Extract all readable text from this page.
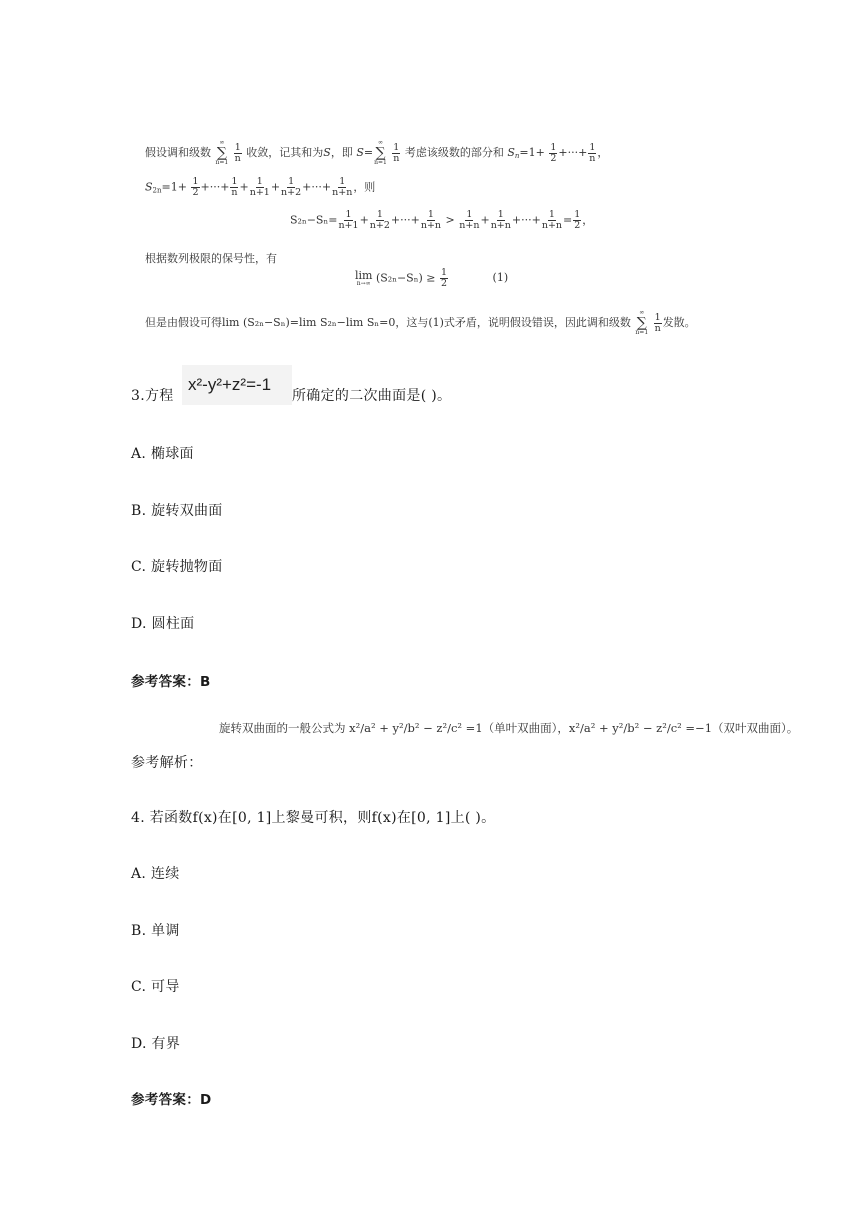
假设调和级数
∞
∑
n=1
$\frac{1}{n}$ 收敛，记其和为S，即 S=
∞
∑
n=1
$\frac{1}{n}$ 考虑该级数的部分和 $S_n=1+ \frac{1}{2}$ +···+ $\frac{1}{n}$ ，
$S_{2n}=1+ \frac{1}{2}$ +···+ $\frac{1}{n} + \frac{1}{n+1} + \frac{1}{n+2}$ +···+ $\frac{1}{n+n}$ ，则
$S_{2n}-S_n= \frac{1}{n+1} + \frac{1}{n+2}$ +···+ $\frac{1}{n+n} > \frac{1}{n+n} + \frac{1}{n+n}$ +···+ $\frac{1}{n+n} = \frac{1}{2}$ ，
根据数列极限的保号性，有
lim
n→∞ $(S_{2n}-S_n) \ge \frac{1}{2}$	(1)
但是由假设可得lim (S₂ₙ−Sₙ)=lim S₂ₙ−lim Sₙ=0，这与(1)式矛盾，说明假设错误，因此调和级数
∞
∑
n=1
$\frac{1}{n}$ 发散。
3.方程
x²-y²+z²=-1
所确定的二次曲面是( )。
A. 椭球面
B. 旋转双曲面
C. 旋转抛物面
D. 圆柱面
参考答案：B
旋转双曲面的一般公式为 x²/a² + y²/b² − z²/c² =1（单叶双曲面），x²/a² + y²/b² − z²/c² =−1（双叶双曲面）。
参考解析：
4. 若函数f(x)在[0, 1]上黎曼可积，则f(x)在[0, 1]上( )。
A. 连续
B. 单调
C. 可导
D. 有界
参考答案：D
